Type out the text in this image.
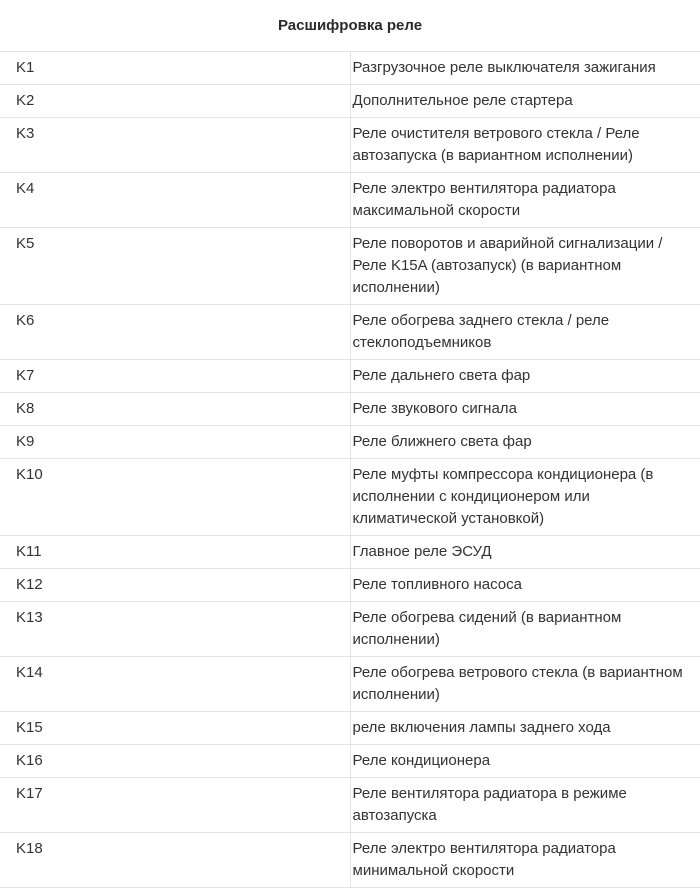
Расшифровка реле	
K1	Разгрузочное реле выключателя зажигания
K2	Дополнительное реле стартера
K3	Реле очистителя ветрового стекла / Реле автозапуска (в вариантном исполнении)
K4	Реле электро вентилятора радиатора максимальной скорости
K5	Реле поворотов и аварийной сигнализации / Реле K15A (автозапуск) (в вариантном исполнении)
K6	Реле обогрева заднего стекла / реле стеклоподъемников
K7	Реле дальнего света фар
K8	Реле звукового сигнала
K9	Реле ближнего света фар
K10	Реле муфты компрессора кондиционера (в исполнении с кондиционером или климатической установкой)
K11	Главное реле ЭСУД
K12	Реле топливного насоса
K13	Реле обогрева сидений (в вариантном исполнении)
K14	Реле обогрева ветрового стекла (в вариантном исполнении)
K15	реле включения лампы заднего хода
K16	Реле кондиционера
K17	Реле вентилятора радиатора в режиме автозапуска
K18	Реле электро вентилятора радиатора минимальной скорости
